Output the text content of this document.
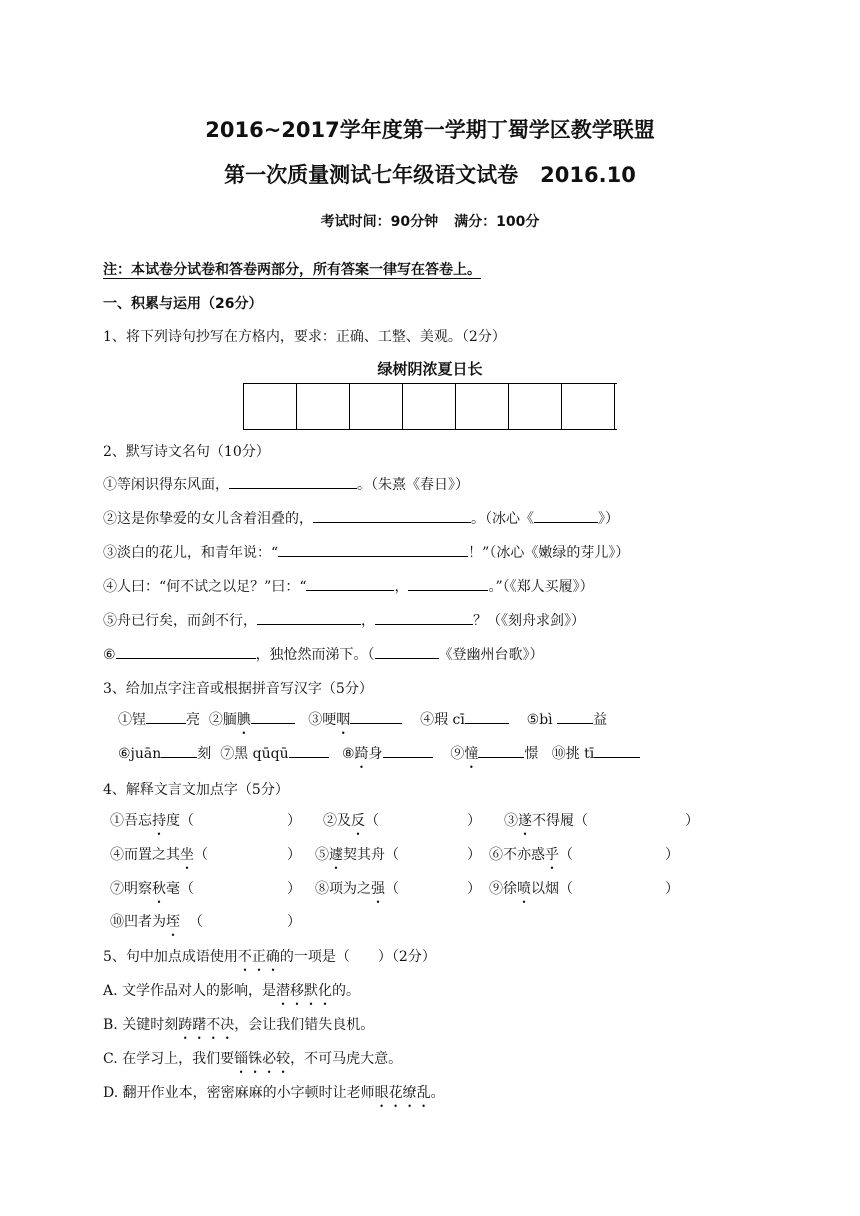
2016~2017学年度第一学期丁蜀学区教学联盟
第一次质量测试七年级语文试卷 2016.10
考试时间：90分钟 满分：100分
注：本试卷分试卷和答卷两部分，所有答案一律写在答卷上。
一、积累与运用（26分）
1、将下列诗句抄写在方格内，要求：正确、工整、美观。（2分）
绿树阴浓夏日长
2、默写诗文名句（10分）
①等闲识得东风面，	。（朱熹《春日》）
②这是你挚爱的女儿含着泪叠的，	。（冰心《	》）
③淡白的花儿，和青年说：“	！”（冰心《嫩绿的芽儿》）
④人曰：“何不试之以足？”曰：“	，	。”（《郑人买履》）
⑤舟已行矣，而剑不行，	，	？（《刻舟求剑》）
⑥	，独怆然而涕下。（	《登幽州台歌》）
3、给加点字注音或根据拼音写汉字（5分）
①锃	亮 ②腼腆	③哽咽	④瑕 cī	⑤bì	益
⑥juān	刻 ⑦黑 qūqū	⑧踦身	⑨憧	憬 ⑩挑 tī
4、解释文言文加点字（5分）
①吾忘持度（	） ②及反（	） ③遂不得履（	）
④而置之其坐（	） ⑤遽契其舟（	） ⑥不亦惑乎（	）
⑦明察秋毫（	） ⑧项为之强（	） ⑨徐喷以烟（	）
⑩凹者为垤 （	）
5、句中加点成语使用不正确的一项是（　　）（2分）
A. 文学作品对人的影响，是潜移默化的。
B. 关键时刻踌躇不决，会让我们错失良机。
C. 在学习上，我们要锱铢必较，不可马虎大意。
D. 翻开作业本，密密麻麻的小字顿时让老师眼花缭乱。
